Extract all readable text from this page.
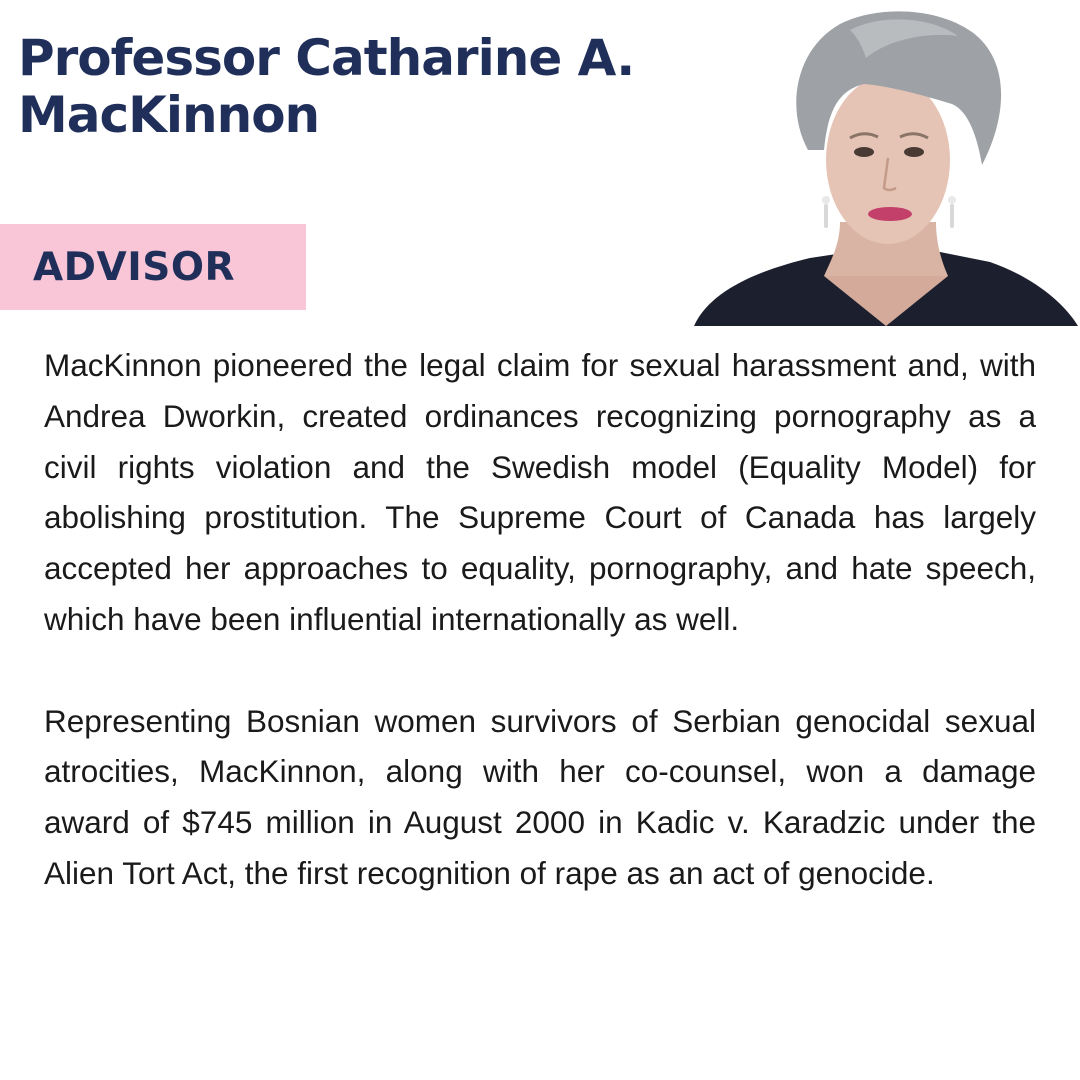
Professor Catharine A. MacKinnon
ADVISOR

MacKinnon pioneered the legal claim for sexual harassment and, with Andrea Dworkin, created ordinances recognizing pornography as a civil rights violation and the Swedish model (Equality Model) for abolishing prostitution. The Supreme Court of Canada has largely accepted her approaches to equality, pornography, and hate speech, which have been influential internationally as well.

Representing Bosnian women survivors of Serbian genocidal sexual atrocities, MacKinnon, along with her co-counsel, won a damage award of $745 million in August 2000 in Kadic v. Karadzic under the Alien Tort Act, the first recognition of rape as an act of genocide.
